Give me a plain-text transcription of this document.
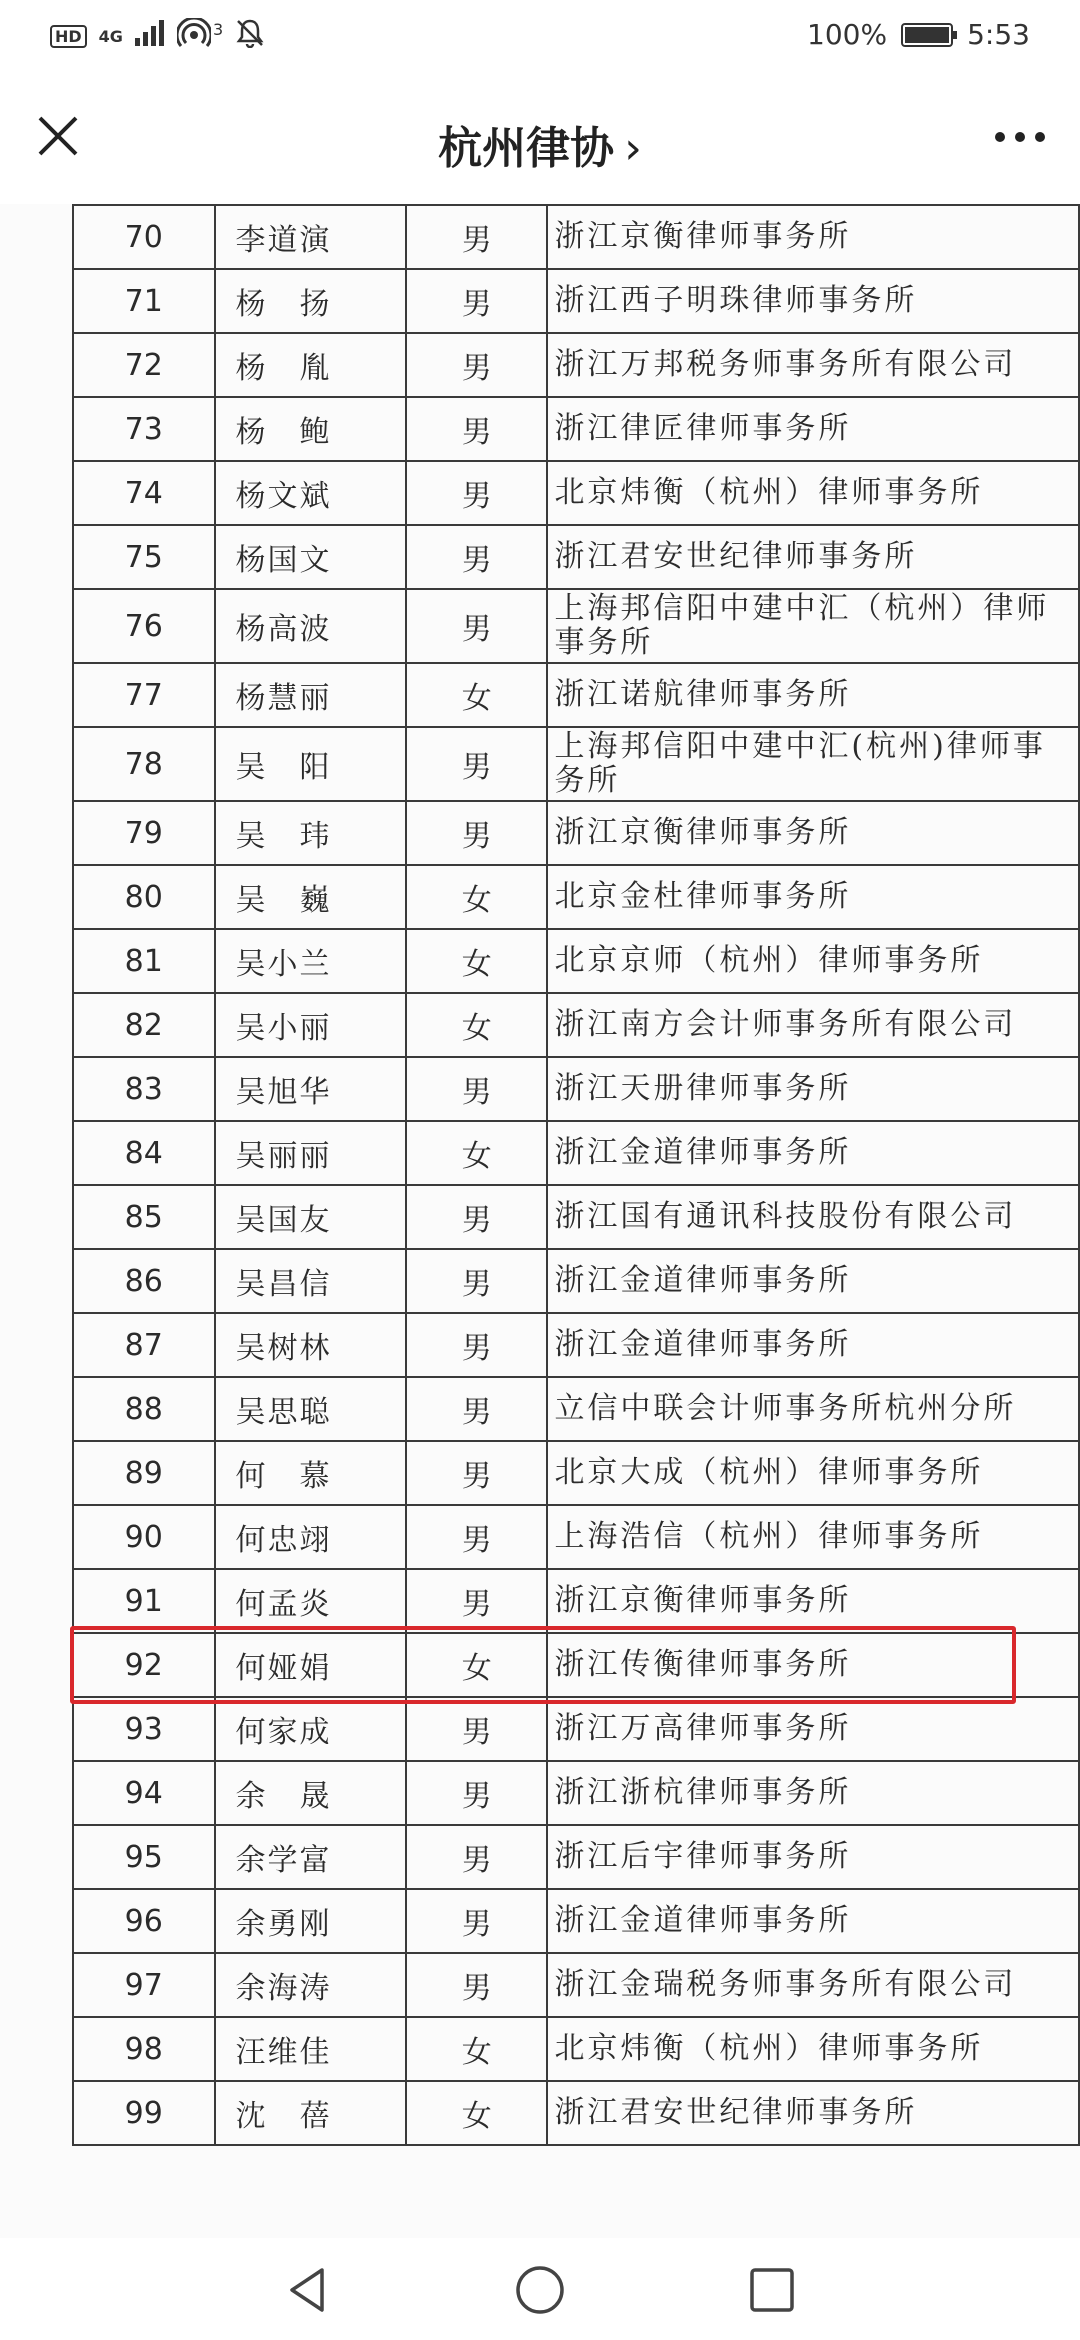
HD	4G	3	100%	5:53
杭州律协 ›
70	李道演	男	浙江京衡律师事务所
71	杨　扬	男	浙江西子明珠律师事务所
72	杨　胤	男	浙江万邦税务师事务所有限公司
73	杨　鲍	男	浙江律匠律师事务所
74	杨文斌	男	北京炜衡（杭州）律师事务所
75	杨国文	男	浙江君安世纪律师事务所
76	杨高波	男	上海邦信阳中建中汇（杭州）律师事务所
77	杨慧丽	女	浙江诺航律师事务所
78	吴　阳	男	上海邦信阳中建中汇(杭州)律师事务所
79	吴　玮	男	浙江京衡律师事务所
80	吴　巍	女	北京金杜律师事务所
81	吴小兰	女	北京京师（杭州）律师事务所
82	吴小丽	女	浙江南方会计师事务所有限公司
83	吴旭华	男	浙江天册律师事务所
84	吴丽丽	女	浙江金道律师事务所
85	吴国友	男	浙江国有通讯科技股份有限公司
86	吴昌信	男	浙江金道律师事务所
87	吴树林	男	浙江金道律师事务所
88	吴思聪	男	立信中联会计师事务所杭州分所
89	何　慕	男	北京大成（杭州）律师事务所
90	何忠翊	男	上海浩信（杭州）律师事务所
91	何孟炎	男	浙江京衡律师事务所
92	何娅娟	女	浙江传衡律师事务所
93	何家成	男	浙江万高律师事务所
94	余　晟	男	浙江浙杭律师事务所
95	余学富	男	浙江后宇律师事务所
96	余勇刚	男	浙江金道律师事务所
97	余海涛	男	浙江金瑞税务师事务所有限公司
98	汪维佳	女	北京炜衡（杭州）律师事务所
99	沈　蓓	女	浙江君安世纪律师事务所
